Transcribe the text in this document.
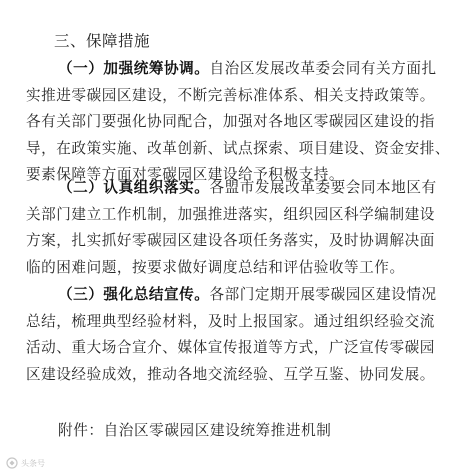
三、保障措施
（一）加强统筹协调。自治区发展改革委会同有关方面扎
实推进零碳园区建设，不断完善标准体系、相关支持政策等。
各有关部门要强化协同配合，加强对各地区零碳园区建设的指
导，在政策实施、改革创新、试点探索、项目建设、资金安排、
要素保障等方面对零碳园区建设给予积极支持。
（二）认真组织落实。各盟市发展改革委要会同本地区有
关部门建立工作机制，加强推进落实，组织园区科学编制建设
方案，扎实抓好零碳园区建设各项任务落实，及时协调解决面
临的困难问题，按要求做好调度总结和评估验收等工作。
（三）强化总结宣传。各部门定期开展零碳园区建设情况
总结，梳理典型经验材料，及时上报国家。通过组织经验交流
活动、重大场合宣介、媒体宣传报道等方式，广泛宣传零碳园
区建设经验成效，推动各地交流经验、互学互鉴、协同发展。
附件：自治区零碳园区建设统筹推进机制
头条号
